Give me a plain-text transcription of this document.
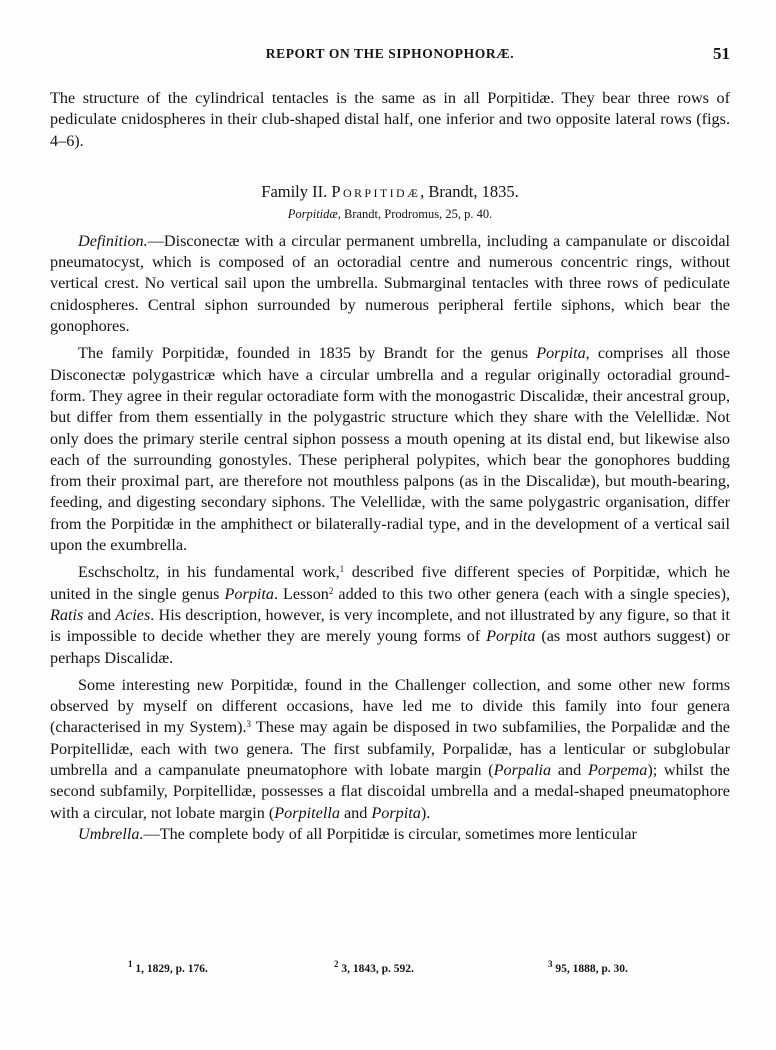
REPORT ON THE SIPHONOPHORÆ.	51

The structure of the cylindrical tentacles is the same as in all Porpitidæ. They bear three rows of pediculate cnidospheres in their club-shaped distal half, one inferior and two opposite lateral rows (figs. 4–6).

Family II. Porpitidæ, Brandt, 1835.
Porpitidæ, Brandt, Prodromus, 25, p. 40.

Definition.—Disconectæ with a circular permanent umbrella, including a campanulate or discoidal pneumatocyst, which is composed of an octoradial centre and numerous concentric rings, without vertical crest. No vertical sail upon the umbrella. Submarginal tentacles with three rows of pediculate cnidospheres. Central siphon surrounded by numerous peripheral fertile siphons, which bear the gonophores.

The family Porpitidæ, founded in 1835 by Brandt for the genus Porpita, comprises all those Disconectæ polygastricæ which have a circular umbrella and a regular originally octoradial ground-form. They agree in their regular octoradiate form with the monogastric Discalidæ, their ancestral group, but differ from them essentially in the polygastric structure which they share with the Velellidæ. Not only does the primary sterile central siphon possess a mouth opening at its distal end, but likewise also each of the surrounding gonostyles. These peripheral polypites, which bear the gonophores budding from their proximal part, are therefore not mouthless palpons (as in the Discalidæ), but mouth-bearing, feeding, and digesting secondary siphons. The Velellidæ, with the same polygastric organisation, differ from the Porpitidæ in the amphithect or bilaterally-radial type, and in the development of a vertical sail upon the exumbrella.

Eschscholtz, in his fundamental work,$^1$ described five different species of Porpitidæ, which he united in the single genus Porpita. Lesson$^2$ added to this two other genera (each with a single species), Ratis and Acies. His description, however, is very incomplete, and not illustrated by any figure, so that it is impossible to decide whether they are merely young forms of Porpita (as most authors suggest) or perhaps Discalidæ.

Some interesting new Porpitidæ, found in the Challenger collection, and some other new forms observed by myself on different occasions, have led me to divide this family into four genera (characterised in my System).$^3$ These may again be disposed in two subfamilies, the Porpalidæ and the Porpitellidæ, each with two genera. The first subfamily, Porpalidæ, has a lenticular or subglobular umbrella and a campanulate pneumatophore with lobate margin (Porpalia and Porpema); whilst the second subfamily, Porpitellidæ, possesses a flat discoidal umbrella and a medal-shaped pneumatophore with a circular, not lobate margin (Porpitella and Porpita).

Umbrella.—The complete body of all Porpitidæ is circular, sometimes more lenticular

$^1$ 1, 1829, p. 176.	$^2$ 3, 1843, p. 592.	$^3$ 95, 1888, p. 30.
